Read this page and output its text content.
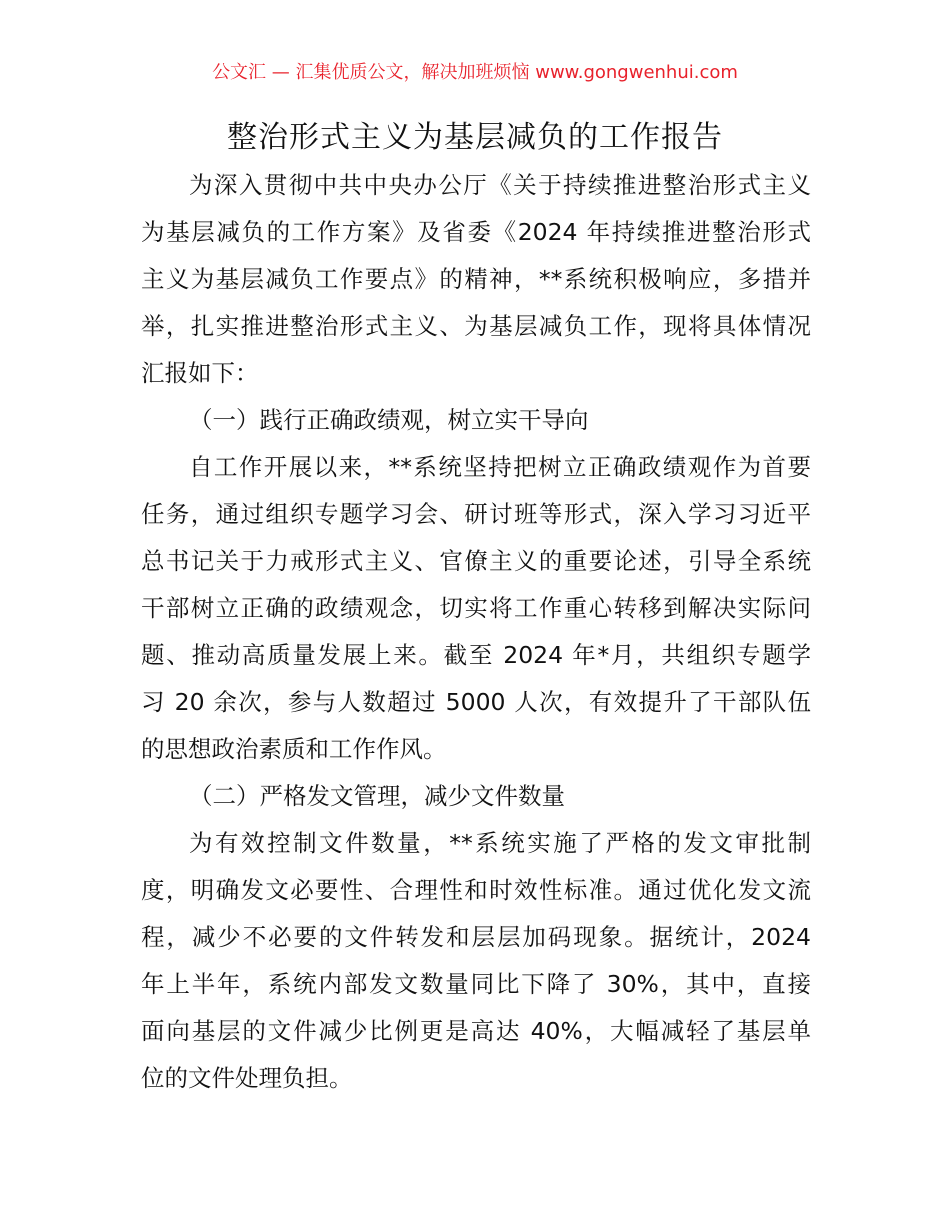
公文汇 — 汇集优质公文，解决加班烦恼 www.gongwenhui.com
整治形式主义为基层减负的工作报告
为深入贯彻中共中央办公厅《关于持续推进整治形式主义
为基层减负的工作方案》及省委《2024 年持续推进整治形式
主义为基层减负工作要点》的精神，**系统积极响应，多措并
举，扎实推进整治形式主义、为基层减负工作，现将具体情况
汇报如下：
（一）践行正确政绩观，树立实干导向
自工作开展以来，**系统坚持把树立正确政绩观作为首要
任务，通过组织专题学习会、研讨班等形式，深入学习习近平
总书记关于力戒形式主义、官僚主义的重要论述，引导全系统
干部树立正确的政绩观念，切实将工作重心转移到解决实际问
题、推动高质量发展上来。截至 2024 年*月，共组织专题学
习 20 余次，参与人数超过 5000 人次，有效提升了干部队伍
的思想政治素质和工作作风。
（二）严格发文管理，减少文件数量
为有效控制文件数量，**系统实施了严格的发文审批制
度，明确发文必要性、合理性和时效性标准。通过优化发文流
程，减少不必要的文件转发和层层加码现象。据统计，2024
年上半年，系统内部发文数量同比下降了 30%，其中，直接
面向基层的文件减少比例更是高达 40%，大幅减轻了基层单
位的文件处理负担。
